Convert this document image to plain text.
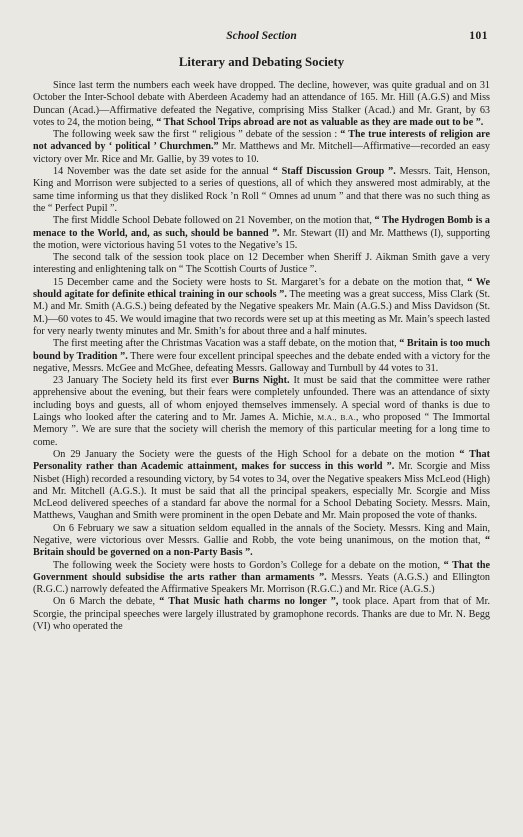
School Section	101
Literary and Debating Society

Since last term the numbers each week have dropped. The decline, however, was quite gradual and on 31 October the Inter-School debate with Aberdeen Academy had an attendance of 165. Mr. Hill (A.G.S) and Miss Duncan (Acad.)—Affirmative defeated the Negative, comprising Miss Stalker (Acad.) and Mr. Grant, by 63 votes to 24, the motion being, “ That School Trips abroad are not as valuable as they are made out to be ”.

The following week saw the first “ religious ” debate of the session : “ The true interests of religion are not advanced by ‘ political ’ Churchmen.” Mr. Matthews and Mr. Mitchell—Affirmative—recorded an easy victory over Mr. Rice and Mr. Gallie, by 39 votes to 10.

14 November was the date set aside for the annual “ Staff Discussion Group ”. Messrs. Tait, Henson, King and Morrison were subjected to a series of questions, all of which they answered most admirably, at the same time informing us that they disliked Rock ’n Roll “ Omnes ad unum ” and that there was no such thing as the “ Perfect Pupil ”.

The first Middle School Debate followed on 21 November, on the motion that, “ The Hydrogen Bomb is a menace to the World, and, as such, should be banned ”. Mr. Stewart (II) and Mr. Matthews (I), supporting the motion, were victorious having 51 votes to the Negative’s 15.

The second talk of the session took place on 12 December when Sheriff J. Aikman Smith gave a very interesting and enlightening talk on “ The Scottish Courts of Justice ”.

15 December came and the Society were hosts to St. Margaret’s for a debate on the motion that, “ We should agitate for definite ethical training in our schools ”. The meeting was a great success, Miss Clark (St. M.) and Mr. Smith (A.G.S.) being defeated by the Negative speakers Mr. Main (A.G.S.) and Miss Davidson (St. M.)—60 votes to 45. We would imagine that two records were set up at this meeting as Mr. Main’s speech lasted for very nearly twenty minutes and Mr. Smith’s for about three and a half minutes.

The first meeting after the Christmas Vacation was a staff debate, on the motion that, “ Britain is too much bound by Tradition ”. There were four excellent principal speeches and the debate ended with a victory for the negative, Messrs. McGee and McGhee, defeating Messrs. Galloway and Turnbull by 44 votes to 31.

23 January The Society held its first ever Burns Night. It must be said that the committee were rather apprehensive about the evening, but their fears were completely unfounded. There was an attendance of sixty including boys and guests, all of whom enjoyed themselves immensely. A special word of thanks is due to Laings who looked after the catering and to Mr. James A. Michie, M.A., B.A., who proposed “ The Immortal Memory ”. We are sure that the society will cherish the memory of this particular meeting for a long time to come.

On 29 January the Society were the guests of the High School for a debate on the motion “ That Personality rather than Academic attainment, makes for success in this world ”. Mr. Scorgie and Miss Nisbet (High) recorded a resounding victory, by 54 votes to 34, over the Negative speakers Miss McLeod (High) and Mr. Mitchell (A.G.S.). It must be said that all the principal speakers, especially Mr. Scorgie and Miss McLeod delivered speeches of a standard far above the normal for a School Debating Society. Messrs. Main, Matthews, Vaughan and Smith were prominent in the open Debate and Mr. Main proposed the vote of thanks.

On 6 February we saw a situation seldom equalled in the annals of the Society. Messrs. King and Main, Negative, were victorious over Messrs. Gallie and Robb, the vote being unanimous, on the motion that, “ Britain should be governed on a non-Party Basis ”.

The following week the Society were hosts to Gordon’s College for a debate on the motion, “ That the Government should subsidise the arts rather than armaments ”. Messrs. Yeats (A.G.S.) and Ellington (R.G.C.) narrowly defeated the Affirmative Speakers Mr. Morrison (R.G.C.) and Mr. Rice (A.G.S.)

On 6 March the debate, “ That Music hath charms no longer ”, took place. Apart from that of Mr. Scorgie, the principal speeches were largely illustrated by gramophone records. Thanks are due to Mr. N. Begg (VI) who operated the
